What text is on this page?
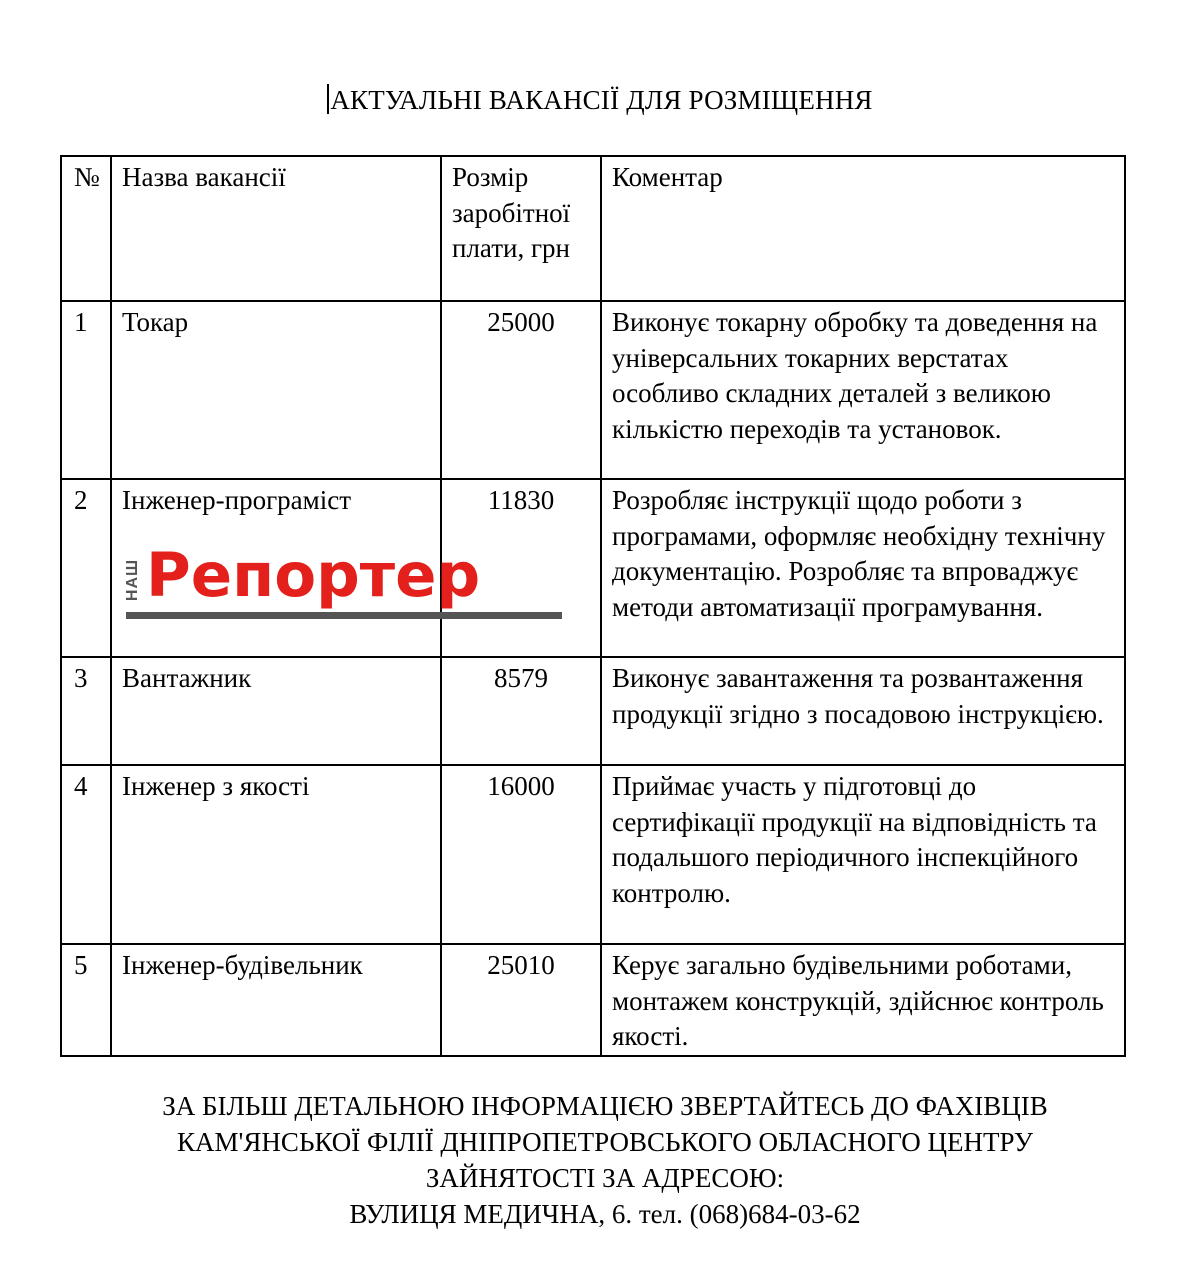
АКТУАЛЬНІ ВАКАНСІЇ ДЛЯ РОЗМІЩЕННЯ
№	Назва вакансії	Розмір заробітної плати, грн	Коментар
1	Токар	25000	Виконує токарну обробку та доведення на універсальних токарних верстатах особливо складних деталей з великою кількістю переходів та установок.
2	Інженер-програміст	11830	Розробляє інструкції щодо роботи з програмами, оформляє необхідну технічну документацію. Розробляє та впроваджує методи автоматизації програмування.
3	Вантажник	8579	Виконує завантаження та розвантаження продукції згідно з посадовою інструкцією.
4	Інженер з якості	16000	Приймає участь у підготовці до сертифікації продукції на відповідність та подальшого періодичного інспекційного контролю.
5	Інженер-будівельник	25010	Керує загально будівельними роботами, монтажем конструкцій, здійснює контроль якості.
НАШ Репортер
ЗА БІЛЬШ ДЕТАЛЬНОЮ ІНФОРМАЦІЄЮ ЗВЕРТАЙТЕСЬ ДО ФАХІВЦІВ
КАМ'ЯНСЬКОЇ ФІЛІЇ ДНІПРОПЕТРОВСЬКОГО ОБЛАСНОГО ЦЕНТРУ
ЗАЙНЯТОСТІ ЗА АДРЕСОЮ:
ВУЛИЦЯ МЕДИЧНА, 6. тел. (068)684-03-62
